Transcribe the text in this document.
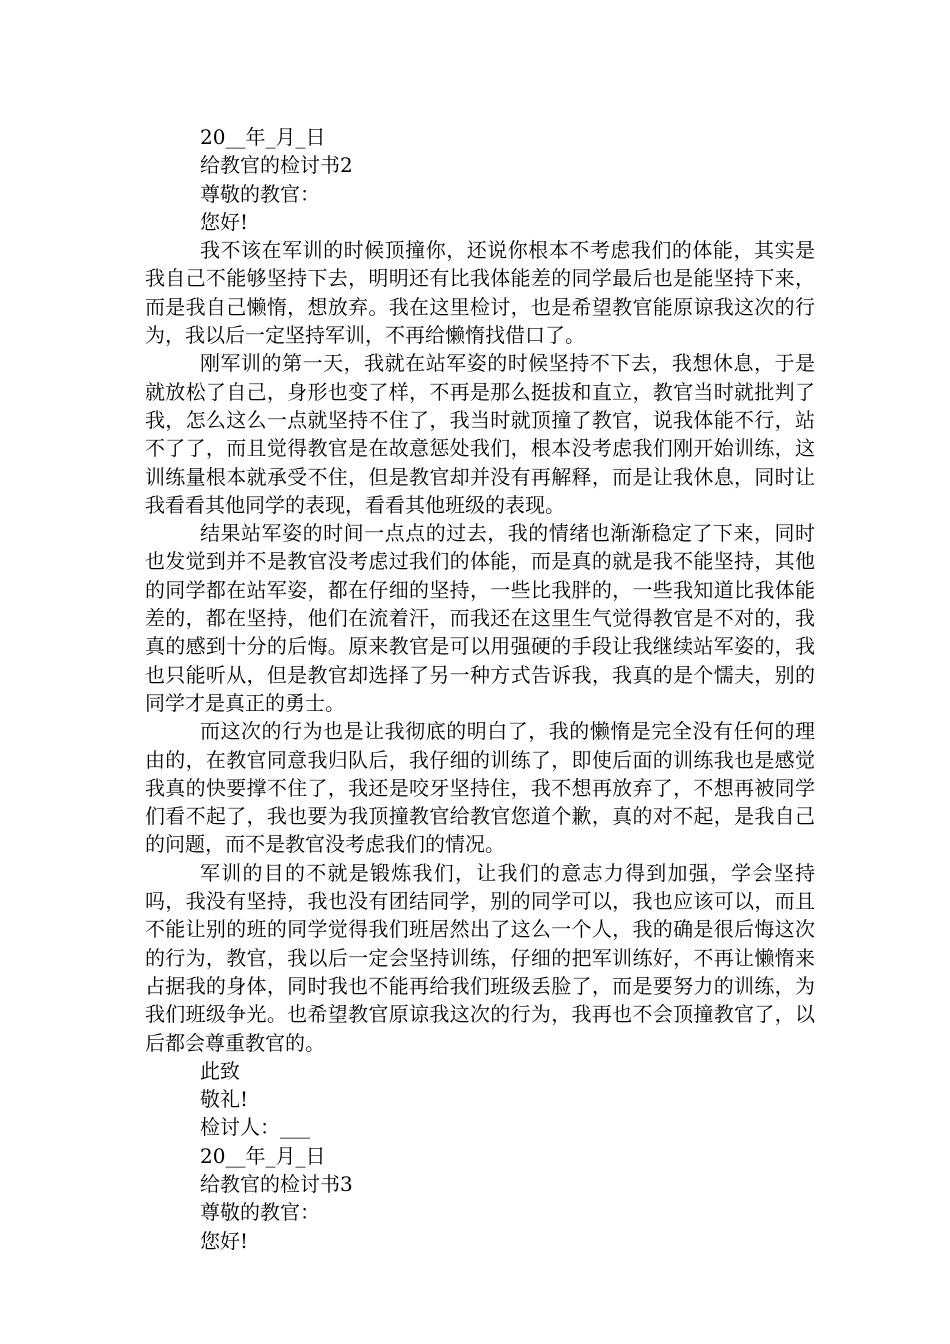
20__年_月_日

给教官的检讨书2

尊敬的教官：

您好!

我不该在军训的时候顶撞你，还说你根本不考虑我们的体能，其实是我自己不能够坚持下去，明明还有比我体能差的同学最后也是能坚持下来，而是我自己懒惰，想放弃。我在这里检讨，也是希望教官能原谅我这次的行为，我以后一定坚持军训，不再给懒惰找借口了。

刚军训的第一天，我就在站军姿的时候坚持不下去，我想休息，于是就放松了自己，身形也变了样，不再是那么挺拔和直立，教官当时就批判了我，怎么这么一点就坚持不住了，我当时就顶撞了教官，说我体能不行，站不了了，而且觉得教官是在故意惩处我们，根本没考虑我们刚开始训练，这训练量根本就承受不住，但是教官却并没有再解释，而是让我休息，同时让我看看其他同学的表现，看看其他班级的表现。

结果站军姿的时间一点点的过去，我的情绪也渐渐稳定了下来，同时也发觉到并不是教官没考虑过我们的体能，而是真的就是我不能坚持，其他的同学都在站军姿，都在仔细的坚持，一些比我胖的，一些我知道比我体能差的，都在坚持，他们在流着汗，而我还在这里生气觉得教官是不对的，我真的感到十分的后悔。原来教官是可以用强硬的手段让我继续站军姿的，我也只能听从，但是教官却选择了另一种方式告诉我，我真的是个懦夫，别的同学才是真正的勇士。

而这次的行为也是让我彻底的明白了，我的懒惰是完全没有任何的理由的，在教官同意我归队后，我仔细的训练了，即使后面的训练我也是感觉我真的快要撑不住了，我还是咬牙坚持住，我不想再放弃了，不想再被同学们看不起了，我也要为我顶撞教官给教官您道个歉，真的对不起，是我自己的问题，而不是教官没考虑我们的情况。

军训的目的不就是锻炼我们，让我们的意志力得到加强，学会坚持吗，我没有坚持，我也没有团结同学，别的同学可以，我也应该可以，而且不能让别的班的同学觉得我们班居然出了这么一个人，我的确是很后悔这次的行为，教官，我以后一定会坚持训练，仔细的把军训练好，不再让懒惰来占据我的身体，同时我也不能再给我们班级丢脸了，而是要努力的训练，为我们班级争光。也希望教官原谅我这次的行为，我再也不会顶撞教官了，以后都会尊重教官的。

此致

敬礼!

检讨人：___

20__年_月_日

给教官的检讨书3

尊敬的教官：

您好!
